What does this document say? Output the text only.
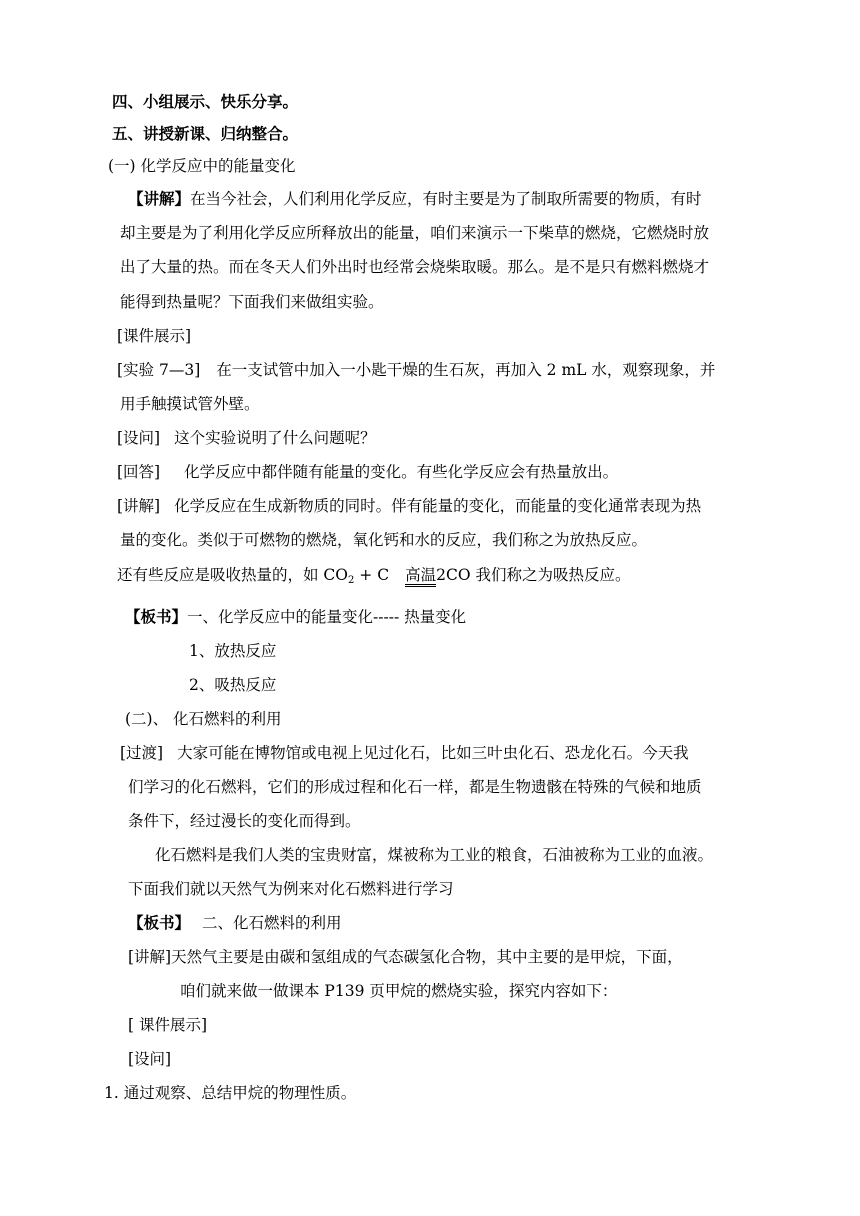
四、小组展示、快乐分享。
五、讲授新课、归纳整合。
(一) 化学反应中的能量变化
【讲解】在当今社会，人们利用化学反应，有时主要是为了制取所需要的物质，有时
却主要是为了利用化学反应所释放出的能量，咱们来演示一下柴草的燃烧，它燃烧时放
出了大量的热。而在冬天人们外出时也经常会烧柴取暖。那么。是不是只有燃料燃烧才
能得到热量呢？下面我们来做组实验。
[课件展示]
[实验 7—3] 在一支试管中加入一小匙干燥的生石灰，再加入 2 mL 水，观察现象，并
用手触摸试管外壁。
[设问] 这个实验说明了什么问题呢？
[回答] 化学反应中都伴随有能量的变化。有些化学反应会有热量放出。
[讲解] 化学反应在生成新物质的同时。伴有能量的变化，而能量的变化通常表现为热
量的变化。类似于可燃物的燃烧，氧化钙和水的反应，我们称之为放热反应。
还有些反应是吸收热量的，如 $CO_2 + C$ 高温2CO 我们称之为吸热反应。
【板书】一、化学反应中的能量变化----- 热量变化
1、放热反应
2、吸热反应
(二)、 化石燃料的利用
[过渡] 大家可能在博物馆或电视上见过化石，比如三叶虫化石、恐龙化石。今天我
们学习的化石燃料，它们的形成过程和化石一样，都是生物遗骸在特殊的气候和地质
条件下，经过漫长的变化而得到。
化石燃料是我们人类的宝贵财富，煤被称为工业的粮食，石油被称为工业的血液。
下面我们就以天然气为例来对化石燃料进行学习
【板书】 二、化石燃料的利用
[讲解]天然气主要是由碳和氢组成的气态碳氢化合物，其中主要的是甲烷，下面，
咱们就来做一做课本 P139 页甲烷的燃烧实验，探究内容如下：
[ 课件展示]
[设问]
1. 通过观察、总结甲烷的物理性质。
